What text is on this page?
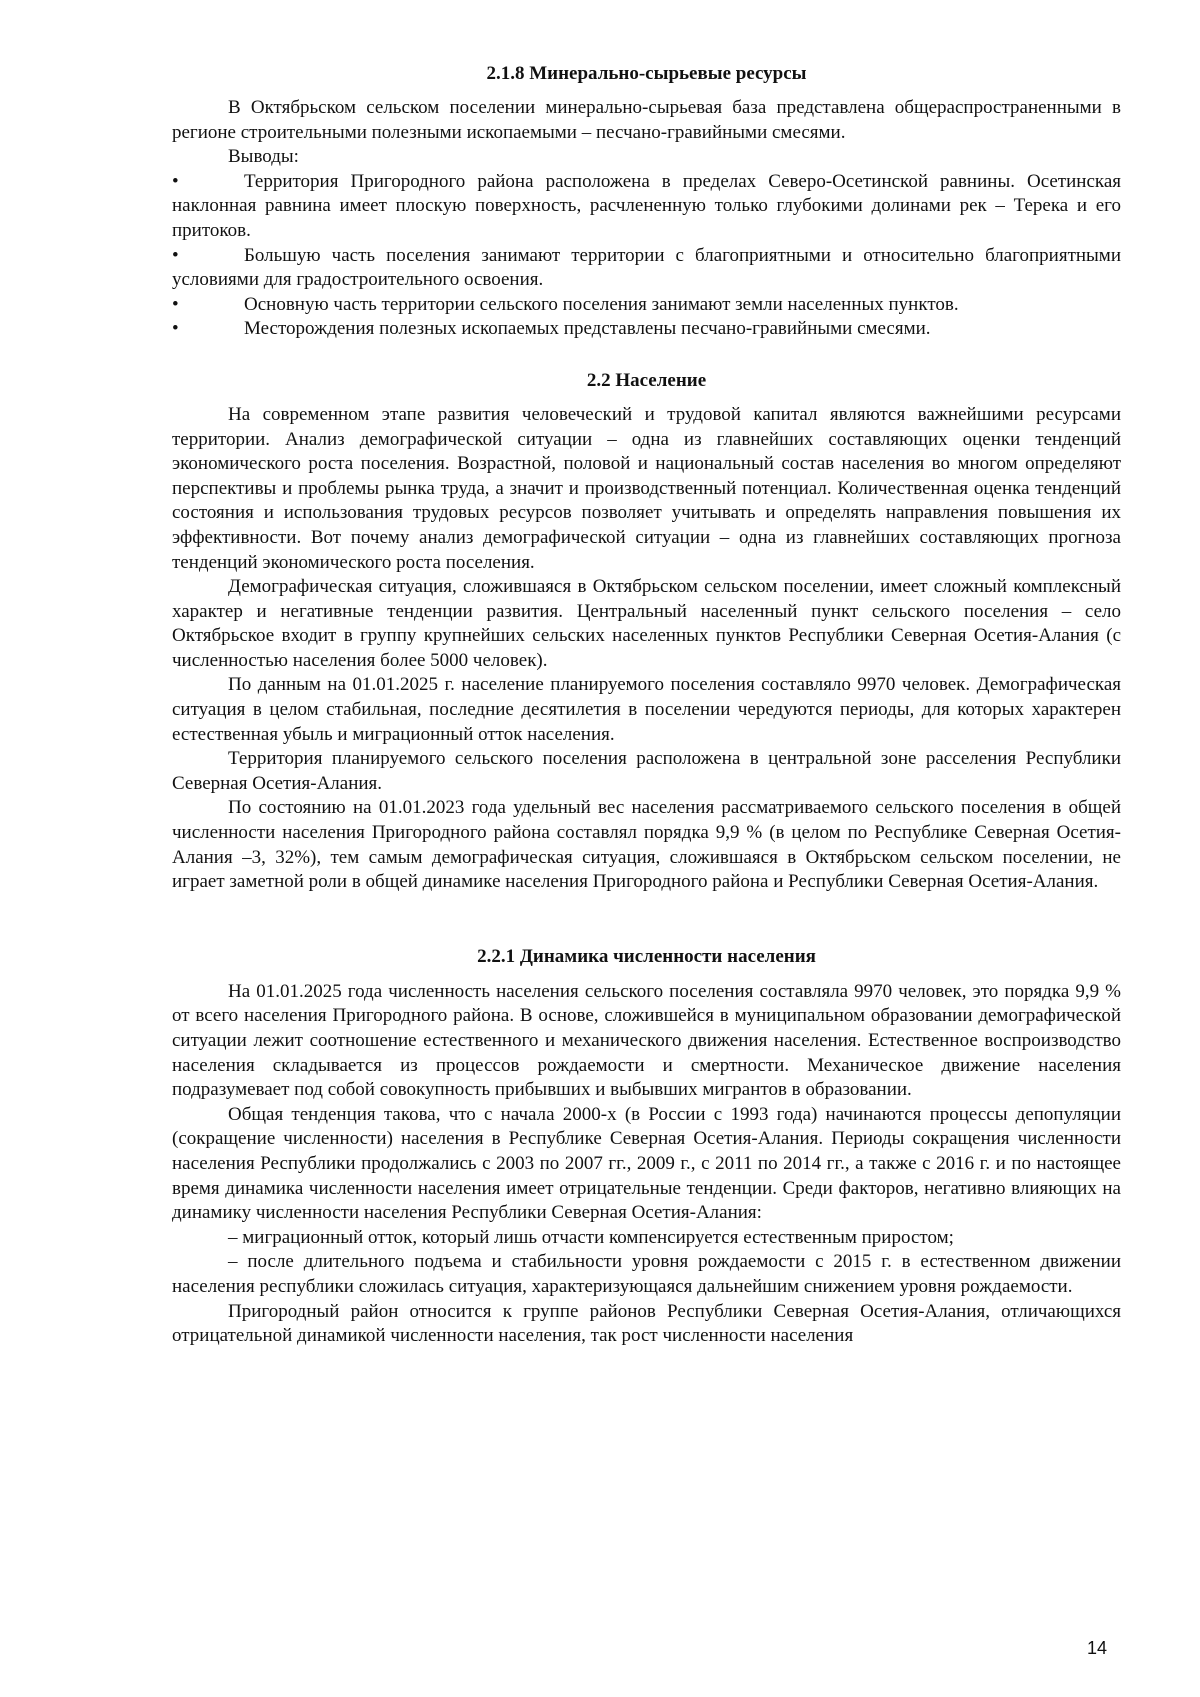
2.1.8 Минерально-сырьевые ресурсы

В Октябрьском сельском поселении минерально-сырьевая база представлена общераспространенными в регионе строительными полезными ископаемыми – песчано-гравийными смесями.

Выводы:

•	Территория Пригородного района расположена в пределах Северо-Осетинской равнины. Осетинская наклонная равнина имеет плоскую поверхность, расчлененную только глубокими долинами рек – Терека и его притоков.

•	Большую часть поселения занимают территории с благоприятными и относительно благоприятными условиями для градостроительного освоения.

•	Основную часть территории сельского поселения занимают земли населенных пунктов.

•	Месторождения полезных ископаемых представлены песчано-гравийными смесями.

2.2 Население

На современном этапе развития человеческий и трудовой капитал являются важнейшими ресурсами территории. Анализ демографической ситуации – одна из главнейших составляющих оценки тенденций экономического роста поселения. Возрастной, половой и национальный состав населения во многом определяют перспективы и проблемы рынка труда, а значит и производственный потенциал. Количественная оценка тенденций состояния и использования трудовых ресурсов позволяет учитывать и определять направления повышения их эффективности. Вот почему анализ демографической ситуации – одна из главнейших составляющих прогноза тенденций экономического роста поселения.

Демографическая ситуация, сложившаяся в Октябрьском сельском поселении, имеет сложный комплексный характер и негативные тенденции развития. Центральный населенный пункт сельского поселения – село Октябрьское входит в группу крупнейших сельских населенных пунктов Республики Северная Осетия-Алания (с численностью населения более 5000 человек).

По данным на 01.01.2025 г. население планируемого поселения составляло 9970 человек. Демографическая ситуация в целом стабильная, последние десятилетия в поселении чередуются периоды, для которых характерен естественная убыль и миграционный отток населения.

Территория планируемого сельского поселения расположена в центральной зоне расселения Республики Северная Осетия-Алания.

По состоянию на 01.01.2023 года удельный вес населения рассматриваемого сельского поселения в общей численности населения Пригородного района составлял порядка 9,9 % (в целом по Республике Северная Осетия-Алания –3, 32%), тем самым демографическая ситуация, сложившаяся в Октябрьском сельском поселении, не играет заметной роли в общей динамике населения Пригородного района и Республики Северная Осетия-Алания.

2.2.1 Динамика численности населения

На 01.01.2025 года численность населения сельского поселения составляла 9970 человек, это порядка 9,9 % от всего населения Пригородного района. В основе, сложившейся в муниципальном образовании демографической ситуации лежит соотношение естественного и механического движения населения. Естественное воспроизводство населения складывается из процессов рождаемости и смертности. Механическое движение населения подразумевает под собой совокупность прибывших и выбывших мигрантов в образовании.

Общая тенденция такова, что с начала 2000-х (в России с 1993 года) начинаются процессы депопуляции (сокращение численности) населения в Республике Северная Осетия-Алания. Периоды сокращения численности населения Республики продолжались с 2003 по 2007 гг., 2009 г., с 2011 по 2014 гг., а также с 2016 г. и по настоящее время динамика численности населения имеет отрицательные тенденции. Среди факторов, негативно влияющих на динамику численности населения Республики Северная Осетия-Алания:

– миграционный отток, который лишь отчасти компенсируется естественным приростом;

– после длительного подъема и стабильности уровня рождаемости с 2015 г. в естественном движении населения республики сложилась ситуация, характеризующаяся дальнейшим снижением уровня рождаемости.

Пригородный район относится к группе районов Республики Северная Осетия-Алания, отличающихся отрицательной динамикой численности населения, так рост численности населения

14
